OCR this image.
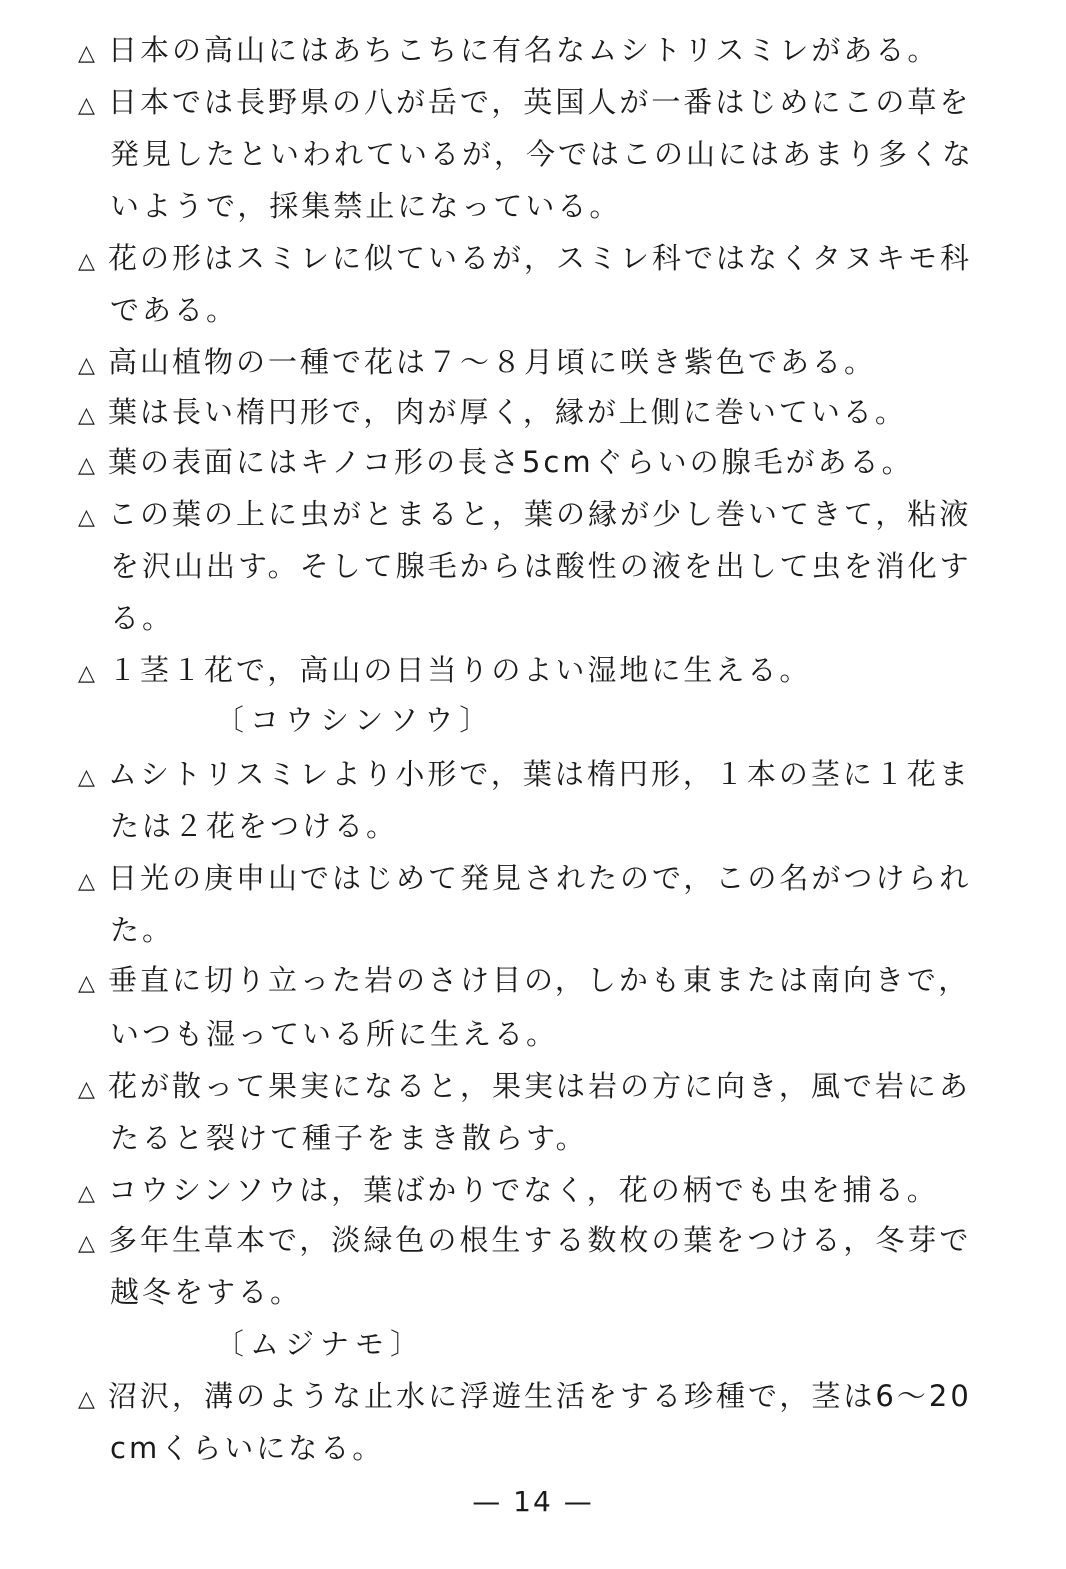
△ 日本の高山にはあちこちに有名なムシトリスミレがある。
△ 日本では長野県の八が岳で，英国人が一番はじめにこの草を
発見したといわれているが，今ではこの山にはあまり多くな
いようで，採集禁止になっている。
△ 花の形はスミレに似ているが，スミレ科ではなくタヌキモ科
である。
△ 高山植物の一種で花は７～８月頃に咲き紫色である。
△ 葉は長い楕円形で，肉が厚く，縁が上側に巻いている。
△ 葉の表面にはキノコ形の長さ5cmぐらいの腺毛がある。
△ この葉の上に虫がとまると，葉の縁が少し巻いてきて，粘液
を沢山出す。そして腺毛からは酸性の液を出して虫を消化す
る。
△ １茎１花で，高山の日当りのよい湿地に生える。
〔コウシンソウ〕
△ ムシトリスミレより小形で，葉は楕円形，１本の茎に１花ま
たは２花をつける。
△ 日光の庚申山ではじめて発見されたので，この名がつけられ
た。
△ 垂直に切り立った岩のさけ目の，しかも東または南向きで，
いつも湿っている所に生える。
△ 花が散って果実になると，果実は岩の方に向き，風で岩にあ
たると裂けて種子をまき散らす。
△ コウシンソウは，葉ばかりでなく，花の柄でも虫を捕る。
△ 多年生草本で，淡緑色の根生する数枚の葉をつける，冬芽で
越冬をする。
〔ムジナモ〕
△ 沼沢，溝のような止水に浮遊生活をする珍種で，茎は6～20
cmくらいになる。
— 14 —
